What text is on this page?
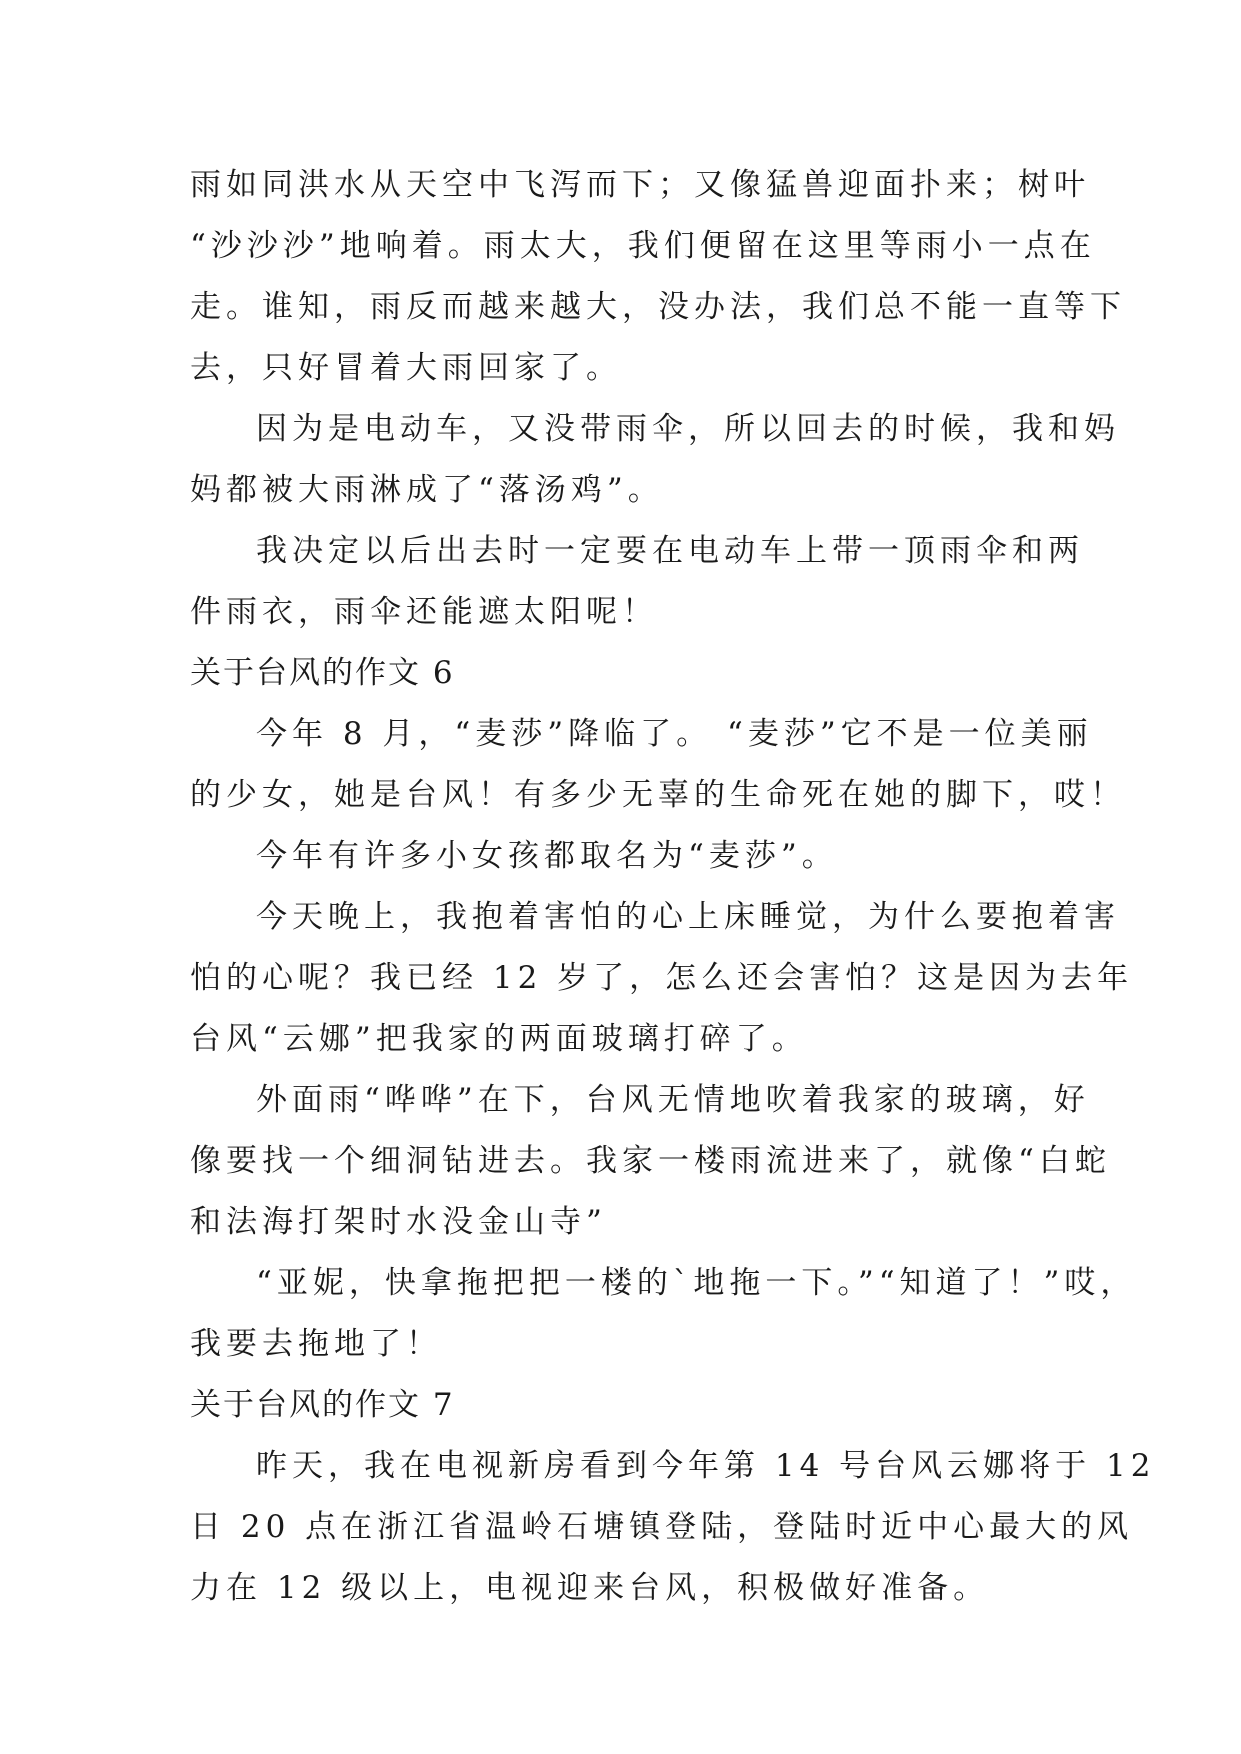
雨如同洪水从天空中飞泻而下；又像猛兽迎面扑来；树叶
“沙沙沙”地响着。雨太大，我们便留在这里等雨小一点在
走。谁知，雨反而越来越大，没办法，我们总不能一直等下
去，只好冒着大雨回家了。
因为是电动车，又没带雨伞，所以回去的时候，我和妈
妈都被大雨淋成了“落汤鸡”。
我决定以后出去时一定要在电动车上带一顶雨伞和两
件雨衣，雨伞还能遮太阳呢！
关于台风的作文 6
今年 8 月，“麦莎”降临了。 “麦莎”它不是一位美丽
的少女，她是台风！有多少无辜的生命死在她的脚下，哎！
今年有许多小女孩都取名为“麦莎”。
今天晚上，我抱着害怕的心上床睡觉，为什么要抱着害
怕的心呢？我已经 12 岁了，怎么还会害怕？这是因为去年
台风“云娜”把我家的两面玻璃打碎了。
外面雨“哗哗”在下，台风无情地吹着我家的玻璃，好
像要找一个细洞钻进去。我家一楼雨流进来了，就像“白蛇
和法海打架时水没金山寺”
“亚妮，快拿拖把把一楼的`地拖一下。”“知道了！”哎，
我要去拖地了！
关于台风的作文 7
昨天，我在电视新房看到今年第 14 号台风云娜将于 12
日 20 点在浙江省温岭石塘镇登陆，登陆时近中心最大的风
力在 12 级以上，电视迎来台风，积极做好准备。
